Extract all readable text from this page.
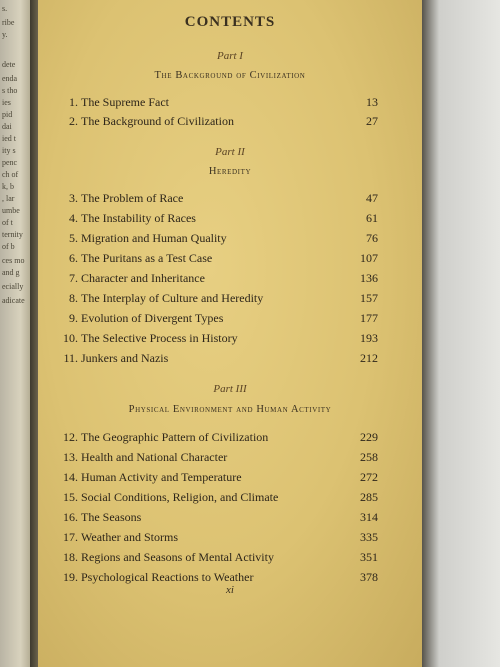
s.
ribe
y.
dete
enda
s tho
ies
pid
dai
ied t
ity s
penc
ch of
k, b
, lar
umbe
of t
ternity
of b
ces mo
and g
ecially
adicate
CONTENTS
Part I
The Background of Civilization
1. The Supreme Fact	13
2. The Background of Civilization	27
Part II
Heredity
3. The Problem of Race	47
4. The Instability of Races	61
5. Migration and Human Quality	76
6. The Puritans as a Test Case	107
7. Character and Inheritance	136
8. The Interplay of Culture and Heredity	157
9. Evolution of Divergent Types	177
10. The Selective Process in History	193
11. Junkers and Nazis	212
Part III
Physical Environment and Human Activity
12. The Geographic Pattern of Civilization	229
13. Health and National Character	258
14. Human Activity and Temperature	272
15. Social Conditions, Religion, and Climate	285
16. The Seasons	314
17. Weather and Storms	335
18. Regions and Seasons of Mental Activity	351
19. Psychological Reactions to Weather	378
xi
